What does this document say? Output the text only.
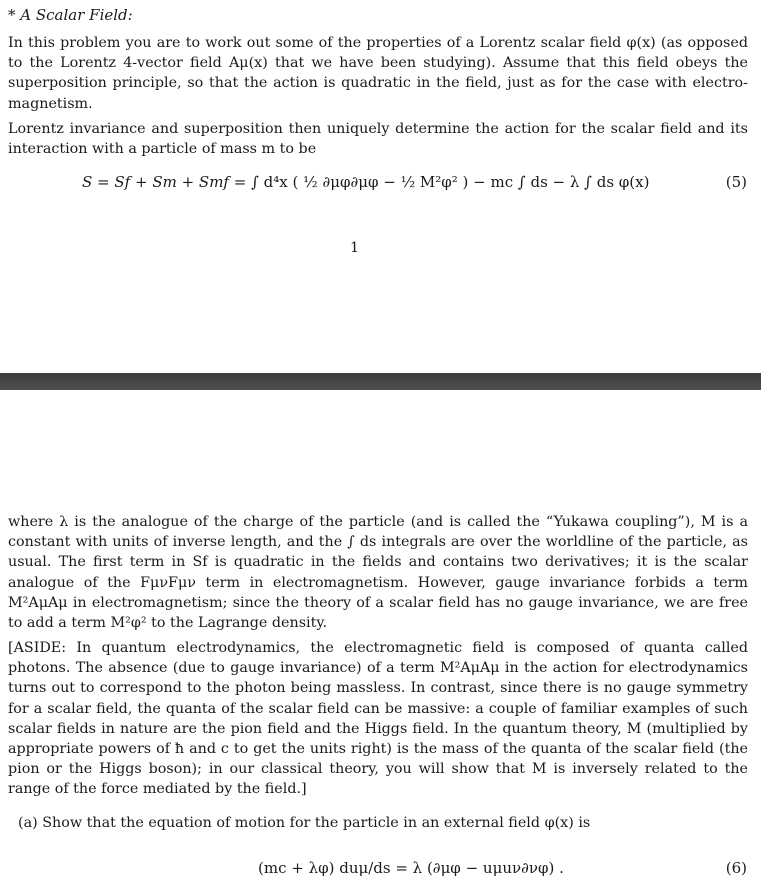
* A Scalar Field:

In this problem you are to work out some of the properties of a Lorentz scalar field φ(x) (as opposed to the Lorentz 4-vector field Aμ(x) that we have been studying). Assume that this field obeys the superposition principle, so that the action is quadratic in the field, just as for the case with electro-magnetism.

Lorentz invariance and superposition then uniquely determine the action for the scalar field and its interaction with a particle of mass m to be

S = Sf + Sm + Smf = ∫ d⁴x ( ½ ∂μφ∂μφ − ½ M²φ² ) − mc ∫ ds − λ ∫ ds φ(x)	(5)
1

where λ is the analogue of the charge of the particle (and is called the “Yukawa coupling”), M is a constant with units of inverse length, and the ∫ ds integrals are over the worldline of the particle, as usual. The first term in Sf is quadratic in the fields and contains two derivatives; it is the scalar analogue of the FμνFμν term in electromagnetism. However, gauge invariance forbids a term M²AμAμ in electromagnetism; since the theory of a scalar field has no gauge invariance, we are free to add a term M²φ² to the Lagrange density.

[ASIDE: In quantum electrodynamics, the electromagnetic field is composed of quanta called photons. The absence (due to gauge invariance) of a term M²AμAμ in the action for electrodynamics turns out to correspond to the photon being massless. In contrast, since there is no gauge symmetry for a scalar field, the quanta of the scalar field can be massive: a couple of familiar examples of such scalar fields in nature are the pion field and the Higgs field. In the quantum theory, M (multiplied by appropriate powers of ħ and c to get the units right) is the mass of the quanta of the scalar field (the pion or the Higgs boson); in our classical theory, you will show that M is inversely related to the range of the force mediated by the field.]

(a) Show that the equation of motion for the particle in an external field φ(x) is
(mc + λφ) duμ/ds = λ (∂μφ − uμuν∂νφ) .	(6)
